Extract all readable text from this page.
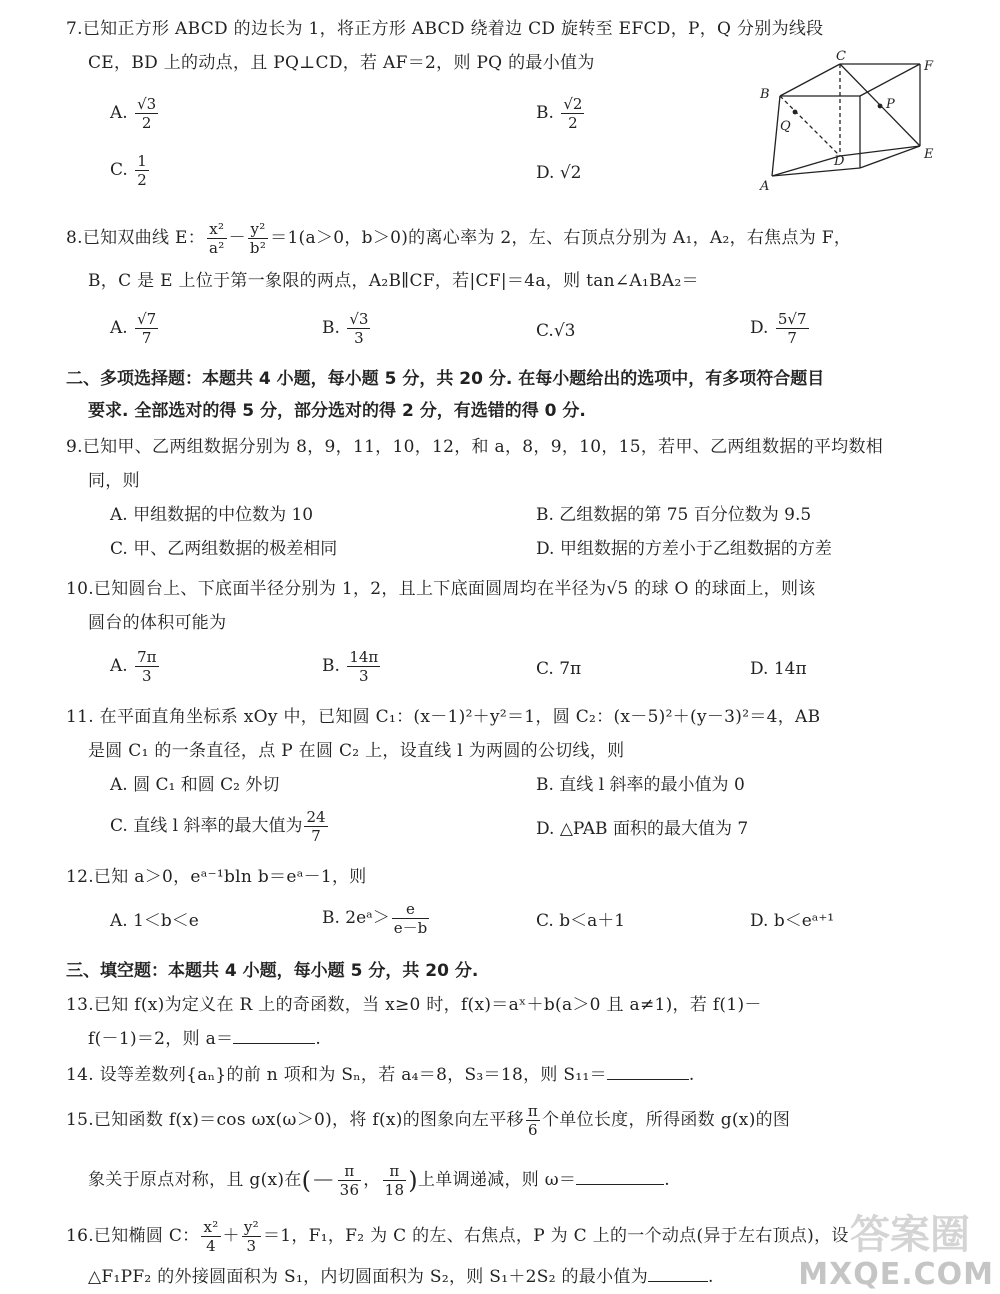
7.已知正方形 ABCD 的边长为 1，将正方形 ABCD 绕着边 CD 旋转至 EFCD，P，Q 分别为线段
CE，BD 上的动点，且 PQ⊥CD，若 AF＝2，则 PQ 的最小值为
A. $\frac{√3}{2}$	B. $\frac{√2}{2}$
C. $\frac{1}{2}$	D. √2
B
C
F
Q
P
D	E
A
8.已知双曲线 E： $\frac{\text{x²}}{\text{a²}} - \frac{\text{y²}}{\text{b²}} =1(a>0$，b＞0)的离心率为 2，左、右顶点分别为 A₁，A₂，右焦点为 F，
B，C 是 E 上位于第一象限的两点，A₂B∥CF，若|CF|＝4a，则 tan∠A₁BA₂＝
A. $\frac{√7}{7}$	B. $\frac{√3}{3}$	C.√3	D. $\frac{5√7}{7}$
二、多项选择题：本题共 4 小题，每小题 5 分，共 20 分. 在每小题给出的选项中，有多项符合题目
要求. 全部选对的得 5 分，部分选对的得 2 分，有选错的得 0 分.
9.已知甲、乙两组数据分别为 8，9，11，10，12，和 a，8，9，10，15，若甲、乙两组数据的平均数相
同，则
A. 甲组数据的中位数为 10	B. 乙组数据的第 75 百分位数为 9.5
C. 甲、乙两组数据的极差相同	D. 甲组数据的方差小于乙组数据的方差
10.已知圆台上、下底面半径分别为 1，2，且上下底面圆周均在半径为√5 的球 O 的球面上，则该
圆台的体积可能为
A. $\frac{7\pi}{3}$	B. $\frac{14\pi}{3}$	C. 7π	D. 14π
11. 在平面直角坐标系 xOy 中，已知圆 C₁：(x－1)²＋y²＝1，圆 C₂：(x－5)²＋(y－3)²＝4，AB
是圆 C₁ 的一条直径，点 P 在圆 C₂ 上，设直线 l 为两圆的公切线，则
A. 圆 C₁ 和圆 C₂ 外切	B. 直线 l 斜率的最小值为 0
C. 直线 l 斜率的最大值为 $\frac{24}{7}$	D. △PAB 面积的最大值为 7
12.已知 a＞0，eᵃ⁻¹bln b＝eᵃ－1，则
A. 1＜b＜e	B. 2eᵃ＞ $\frac{e}{e-b}$	C. b＜a＋1	D. b＜eᵃ⁺¹
三、填空题：本题共 4 小题，每小题 5 分，共 20 分.
13.已知 f(x)为定义在 R 上的奇函数，当 x≥0 时，f(x)＝aˣ＋b(a＞0 且 a≠1)，若 f(1)－
f(－1)＝2，则 a＝	.
14. 设等差数列{aₙ}的前 n 项和为 Sₙ，若 a₄＝8，S₃＝18，则 S₁₁＝	.
15.已知函数 f(x)＝cos ωx(ω＞0)，将 f(x)的图象向左平移 $\frac{\pi}{6}$ 个单位长度，所得函数 g(x)的图
象关于原点对称，且 g(x)在(－ $\frac{\pi}{36}$ ， $\frac{\pi}{18}$ )上单调递减，则 ω＝	.
16.已知椭圆 C： $\frac{\text{x²}}{4} + \frac{\text{y²}}{3} =1$，F₁，F₂ 为 C 的左、右焦点，P 为 C 上的一个动点(异于左右顶点)，设
△F₁PF₂ 的外接圆面积为 S₁，内切圆面积为 S₂，则 S₁＋2S₂ 的最小值为	.
答案圈
MXQE.COM
